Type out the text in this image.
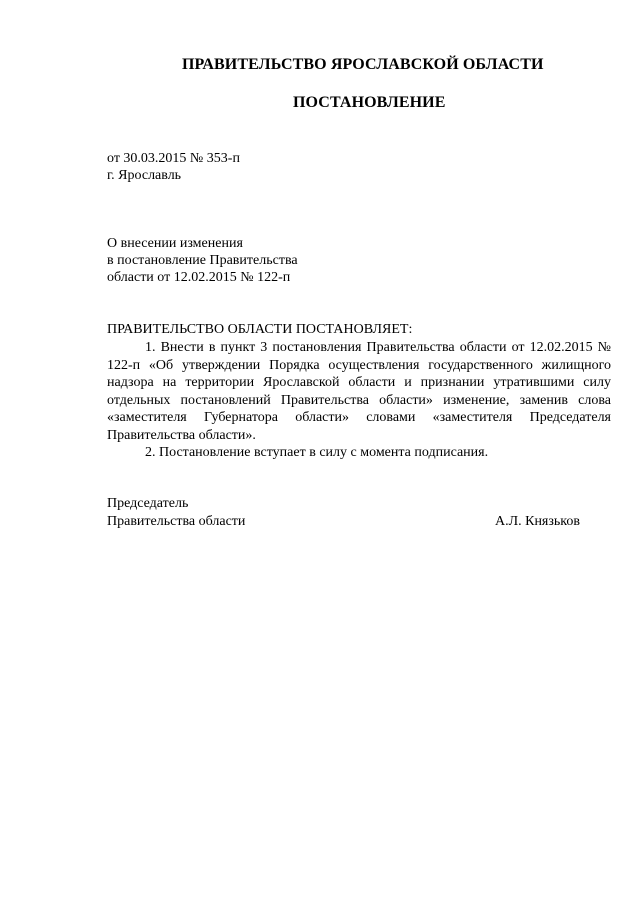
ПРАВИТЕЛЬСТВО ЯРОСЛАВСКОЙ ОБЛАСТИ
ПОСТАНОВЛЕНИЕ
от 30.03.2015 № 353-п
г. Ярославль
О внесении изменения
в постановление Правительства
области от 12.02.2015 № 122-п
ПРАВИТЕЛЬСТВО ОБЛАСТИ ПОСТАНОВЛЯЕТ:

1. Внести в пункт 3 постановления Правительства области от 12.02.2015 № 122-п «Об утверждении Порядка осуществления государственного жилищного надзора на территории Ярославской области и признании утратившими силу отдельных постановлений Правительства области» изменение, заменив слова «заместителя Губернатора области» словами «заместителя Председателя Правительства области».

2. Постановление вступает в силу с момента подписания.

Председатель
Правительства области	А.Л. Князьков
